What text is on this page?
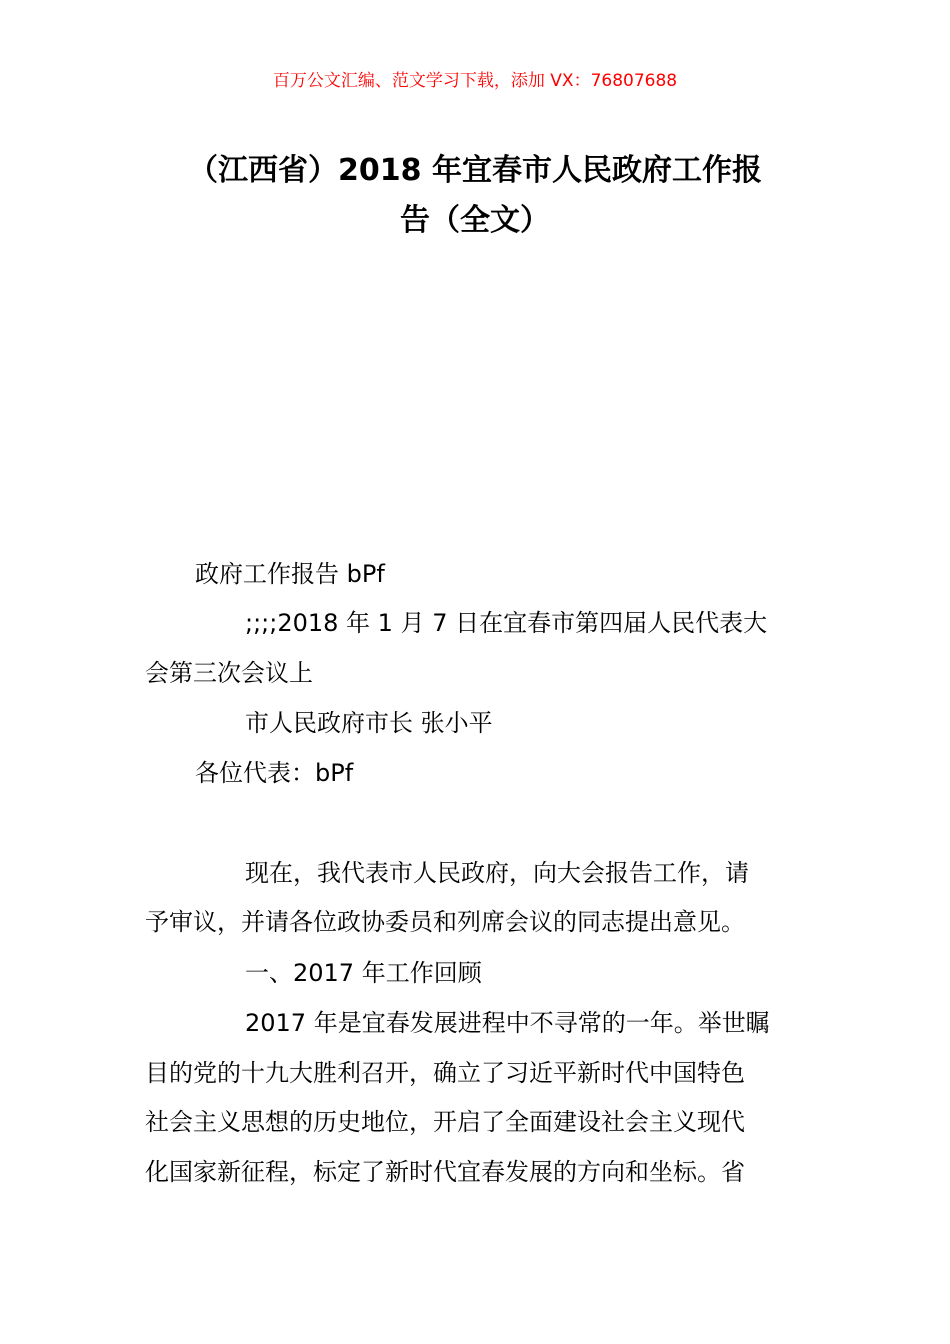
百万公文汇编、范文学习下载，添加 VX：76807688
（江西省）2018 年宜春市人民政府工作报
告（全文）
政府工作报告 bPf
;;;;2018 年 1 月 7 日在宜春市第四届人民代表大
会第三次会议上
市人民政府市长 张小平
各位代表：bPf
现在，我代表市人民政府，向大会报告工作，请
予审议，并请各位政协委员和列席会议的同志提出意见。
一、2017 年工作回顾
2017 年是宜春发展进程中不寻常的一年。举世瞩
目的党的十九大胜利召开，确立了习近平新时代中国特色
社会主义思想的历史地位，开启了全面建设社会主义现代
化国家新征程，标定了新时代宜春发展的方向和坐标。省
